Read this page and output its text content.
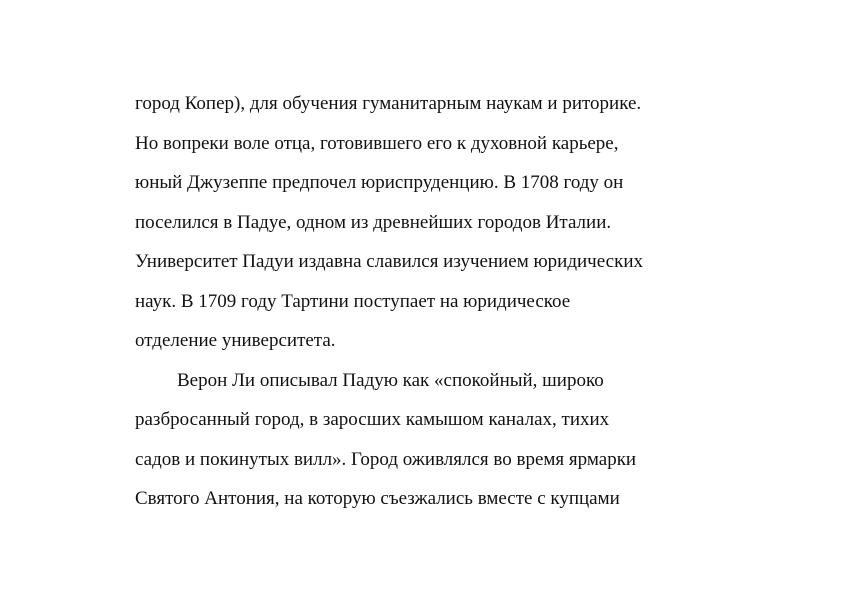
город Копер), для обучения гуманитарным наукам и риторике.
Но вопреки воле отца, готовившего его к духовной карьере,
юный Джузеппе предпочел юриспруденцию. В 1708 году он
поселился в Падуе, одном из древнейших городов Италии.
Университет Падуи издавна славился изучением юридических
наук. В 1709 году Тартини поступает на юридическое
отделение университета.
Верон Ли описывал Падую как «спокойный, широко
разбросанный город, в заросших камышом каналах, тихих
садов и покинутых вилл». Город оживлялся во время ярмарки
Святого Антония, на которую съезжались вместе с купцами
